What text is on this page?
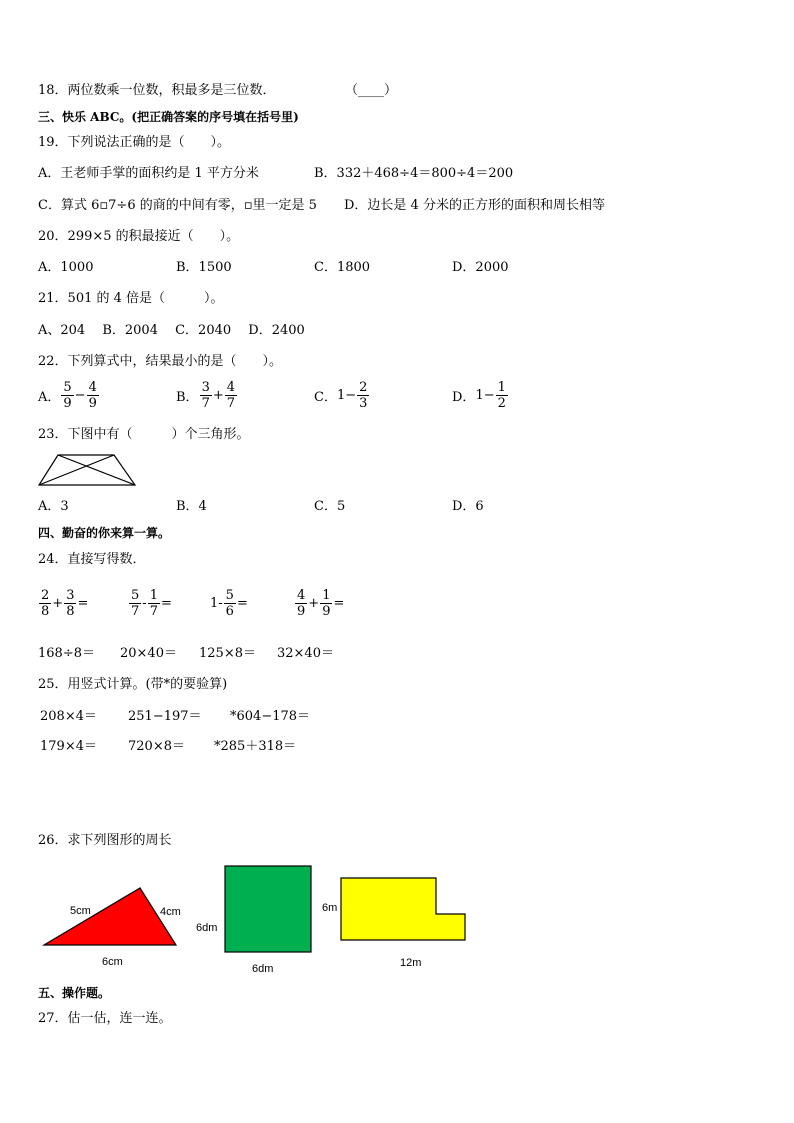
18．两位数乘一位数，积最多是三位数．	（____）
三、快乐 ABC。(把正确答案的序号填在括号里)
19．下列说法正确的是（　　）。
A．王老师手掌的面积约是 1 平方分米	B．332＋468÷4＝800÷4＝200
C．算式 6▫7÷6 的商的中间有零，▫里一定是 5 D．边长是 4 分米的正方形的面积和周长相等
20．299×5 的积最接近（　　）。
A．1000	B．1500	C．1800	D．2000
21．501 的 4 倍是（　　　）。
A、204　 B．2004　 C．2040　 D．2400
22．下列算式中，结果最小的是（　　）。
A． $\frac{5}{9} - \frac{4}{9}$	B． $\frac{3}{7} + \frac{4}{7}$	C．$1- \frac{2}{3}$	D．$1- \frac{1}{2}$
23．下图中有（　　　）个三角形。
A．3	B．4	C．5	D．6
四、勤奋的你来算一算。
24．直接写得数．
$\frac{2}{8} + \frac{3}{8}$ =	$\frac{5}{7} - \frac{1}{7}$ =	$1- \frac{5}{6}$ =	$\frac{4}{9} + \frac{1}{9}$ =
168÷8＝ 20×40＝ 125×8＝ 32×40＝
25．用竖式计算。(带*的要验算)
208×4＝ 251−197＝ *604−178＝
179×4＝ 720×8＝ *285＋318＝
26．求下列图形的周长
5cm	4cm
6cm
6dm
6dm
6m
12m
五、操作题。
27．估一估，连一连。
